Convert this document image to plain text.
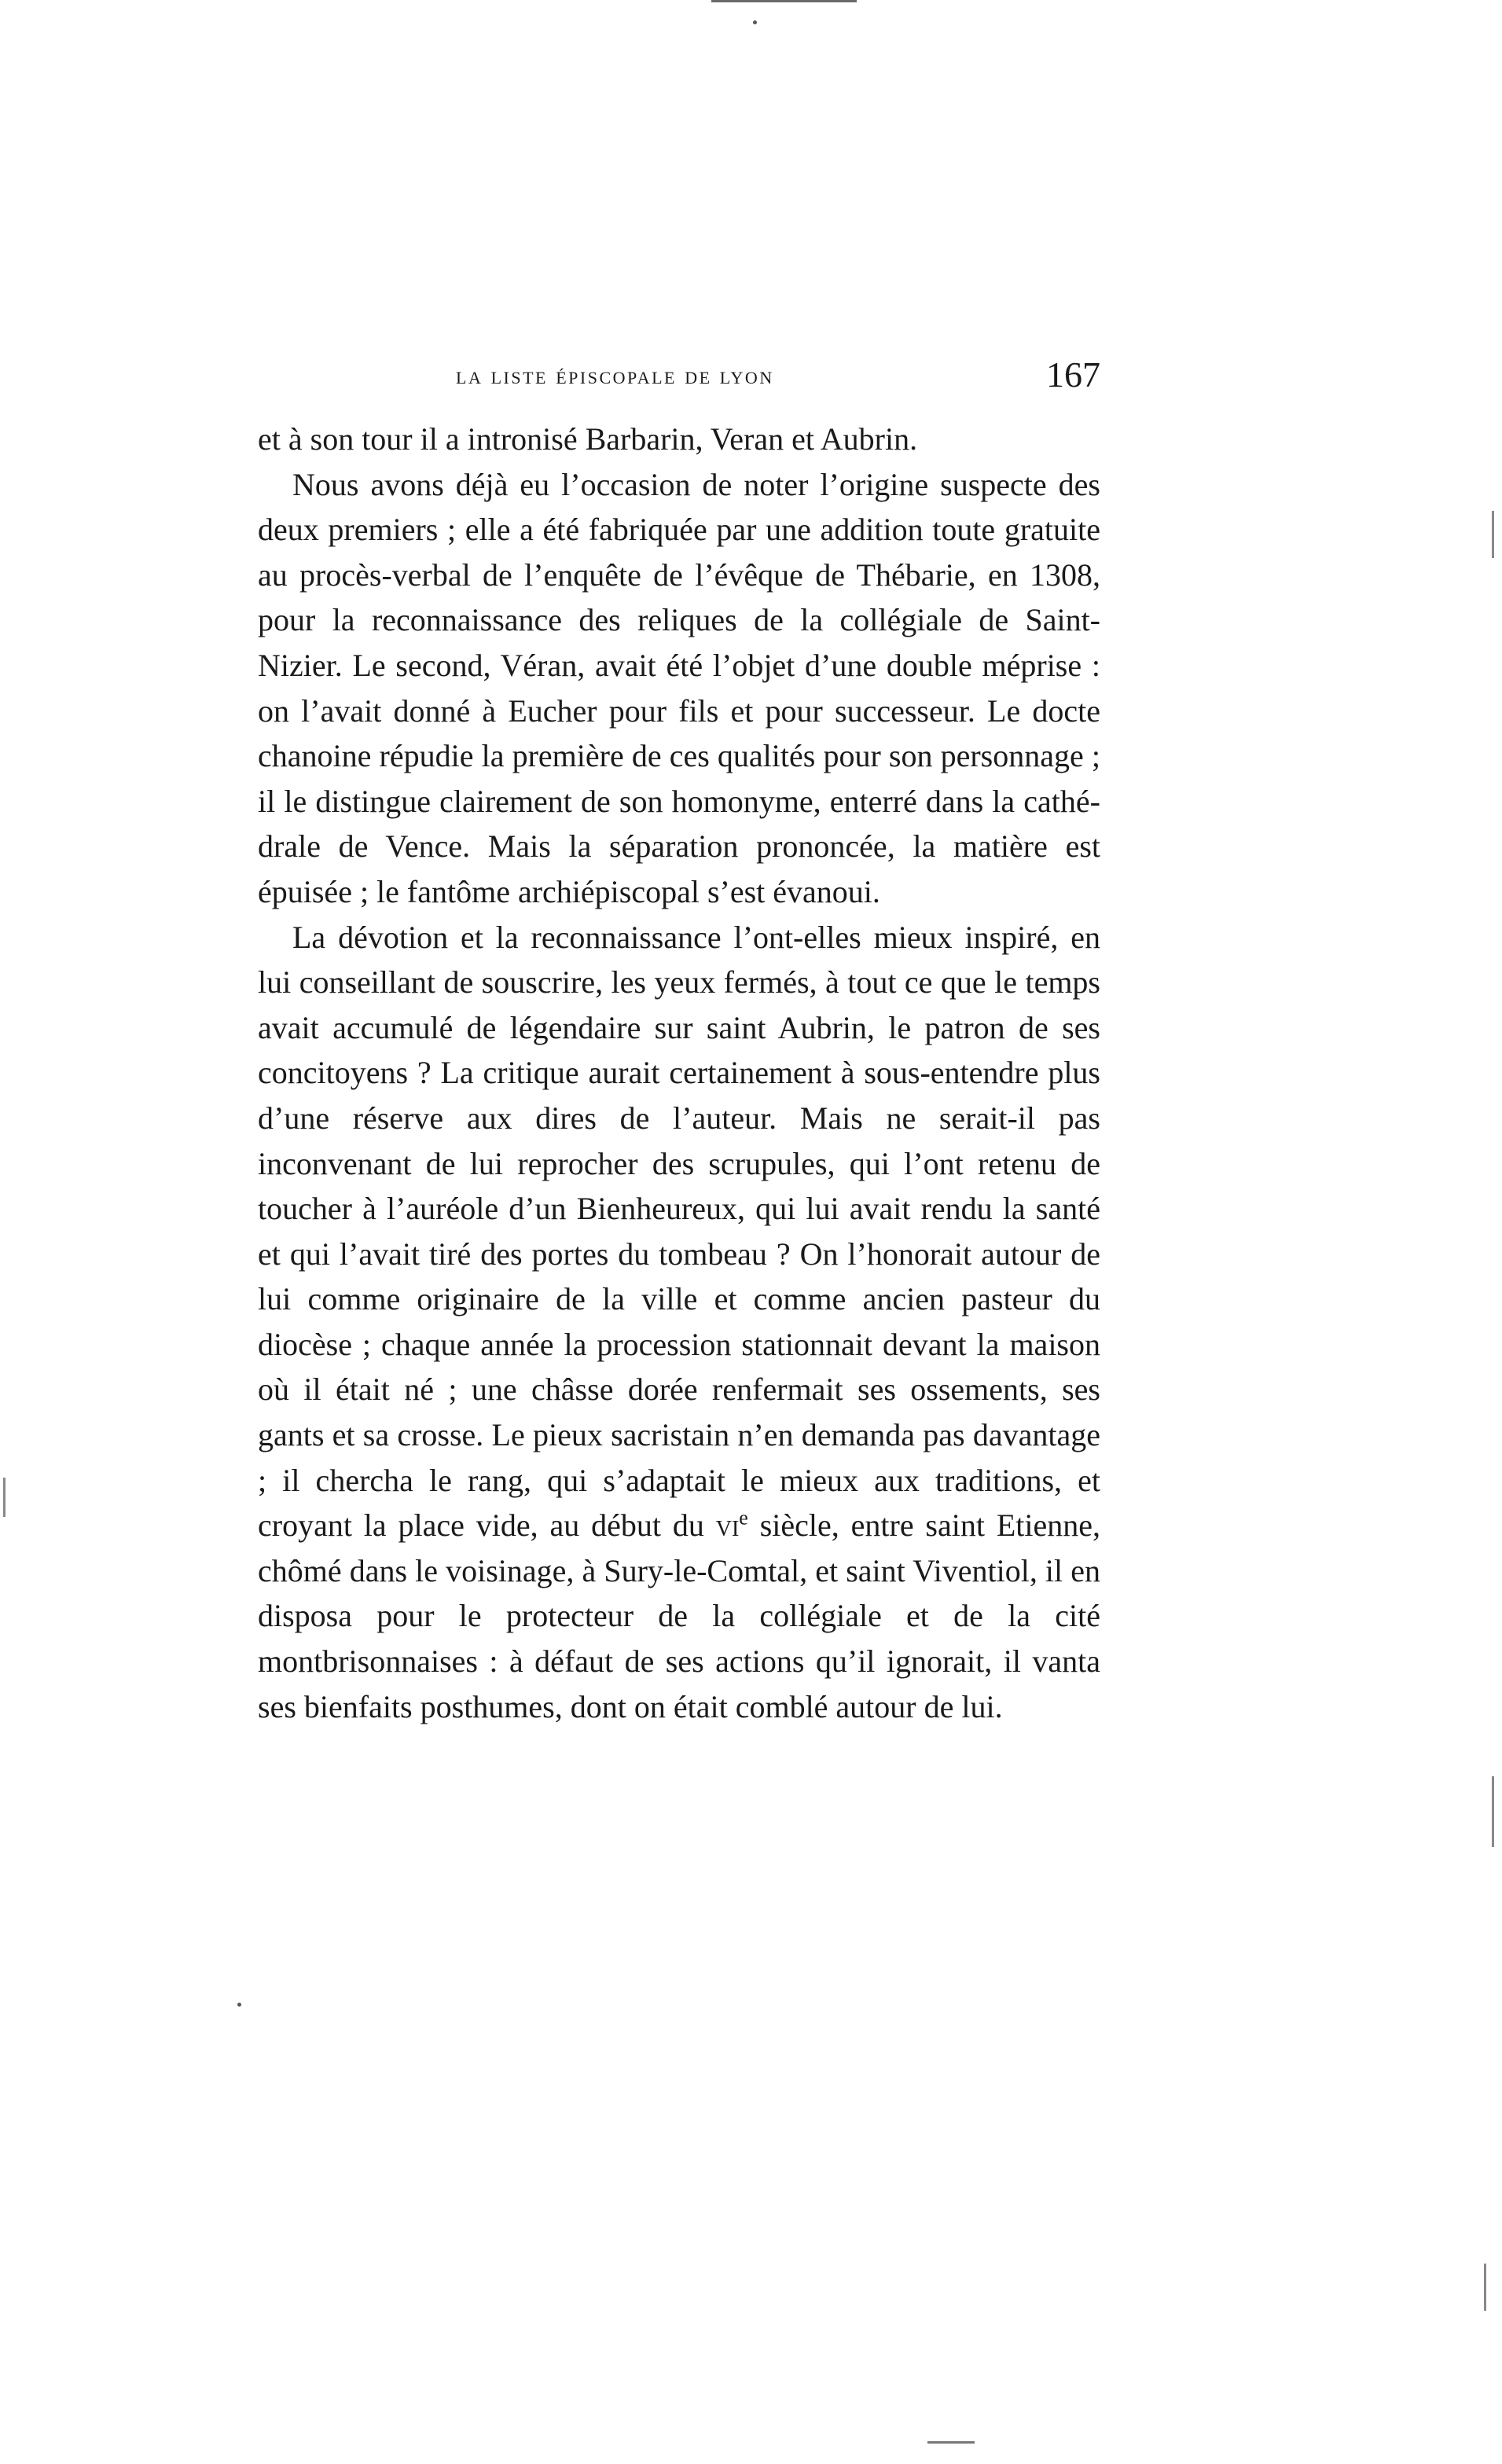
la liste épiscopale de lyon	167

et à son tour il a intronisé Barbarin, Veran et Aubrin.

Nous avons déjà eu l’occasion de noter l’origine suspecte des deux premiers ; elle a été fabriquée par une addition toute gratuite au procès-verbal de l’enquête de l’évêque de Thébarie, en 1308, pour la reconnaissance des reliques de la collégiale de Saint-Nizier. Le second, Véran, avait été l’objet d’une double méprise : on l’avait donné à Eucher pour fils et pour successeur. Le docte chanoine répudie la première de ces qualités pour son personnage ; il le distingue clairement de son homonyme, enterré dans la cathédrale de Vence. Mais la séparation prononcée, la matière est épuisée ; le fantôme archiépiscopal s’est évanoui.

La dévotion et la reconnaissance l’ont-elles mieux inspiré, en lui conseillant de souscrire, les yeux fermés, à tout ce que le temps avait accumulé de légendaire sur saint Aubrin, le patron de ses concitoyens ? La critique aurait certainement à sous-entendre plus d’une réserve aux dires de l’auteur. Mais ne serait-il pas inconvenant de lui reprocher des scrupules, qui l’ont retenu de toucher à l’auréole d’un Bienheureux, qui lui avait rendu la santé et qui l’avait tiré des portes du tombeau ? On l’honorait autour de lui comme originaire de la ville et comme ancien pasteur du diocèse ; chaque année la procession stationnait devant la maison où il était né ; une châsse dorée renfermait ses ossements, ses gants et sa crosse. Le pieux sacristain n’en demanda pas davantage ; il chercha le rang, qui s’adaptait le mieux aux traditions, et croyant la place vide, au début du $vi^e$ siècle, entre saint Etienne, chômé dans le voisinage, à Sury-le-Comtal, et saint Viventiol, il en disposa pour le protecteur de la collégiale et de la cité montbrisonnaises : à défaut de ses actions qu’il ignorait, il vanta ses bienfaits posthumes, dont on était comblé autour de lui.
